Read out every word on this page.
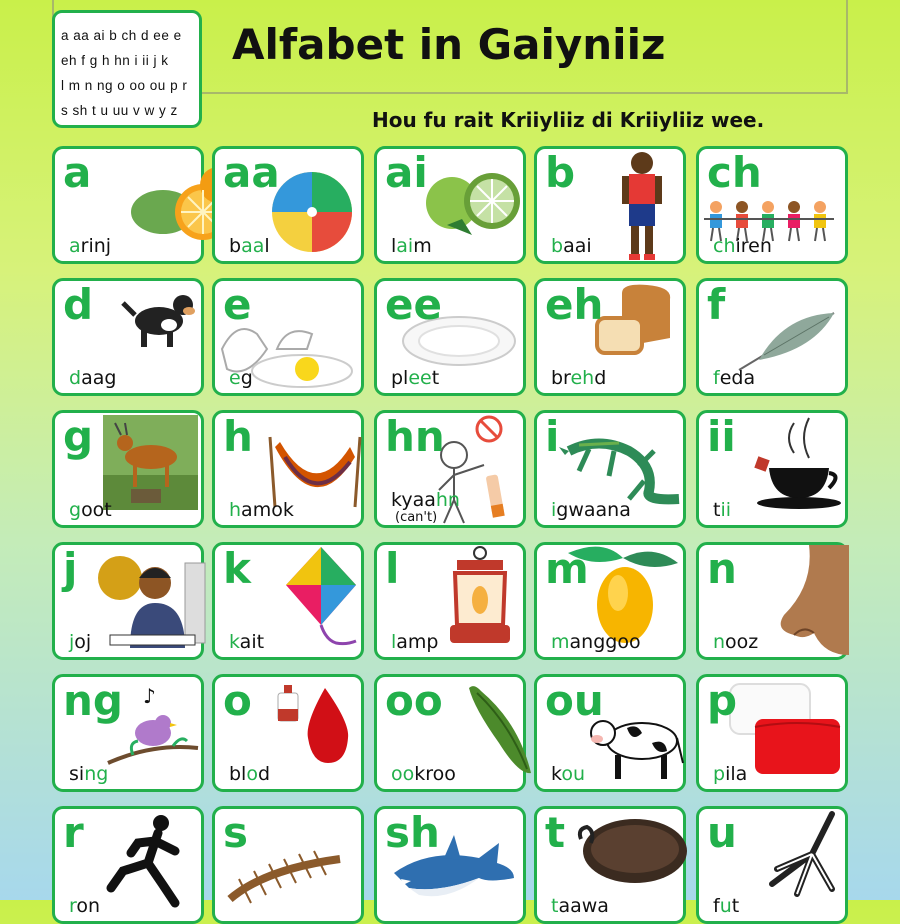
a aa ai b ch d ee e
eh f g h hn i ii j k
l m n ng o oo ou p r
s sh t u uu v w y z
Alfabet in Gaiyniiz
Hou fu rait Kriiyliiz di Kriiyliiz wee.
a
arinj
aa
baal
ai
laim
b
baai
ch
chiren
d
daag
e
eg
ee
pleet
eh
brehd
f
feda
g
goot
h
hamok
hn
kyaahn
(can't)
i
igwaana
ii
tii
j
joj
k
kait
l
lamp
m
manggoo
n
nooz
♪
ng
sing
o
blod
oo
ookroo
ou
kou
p
pila
r
ron
s	sh	t
taawa
u
fut
